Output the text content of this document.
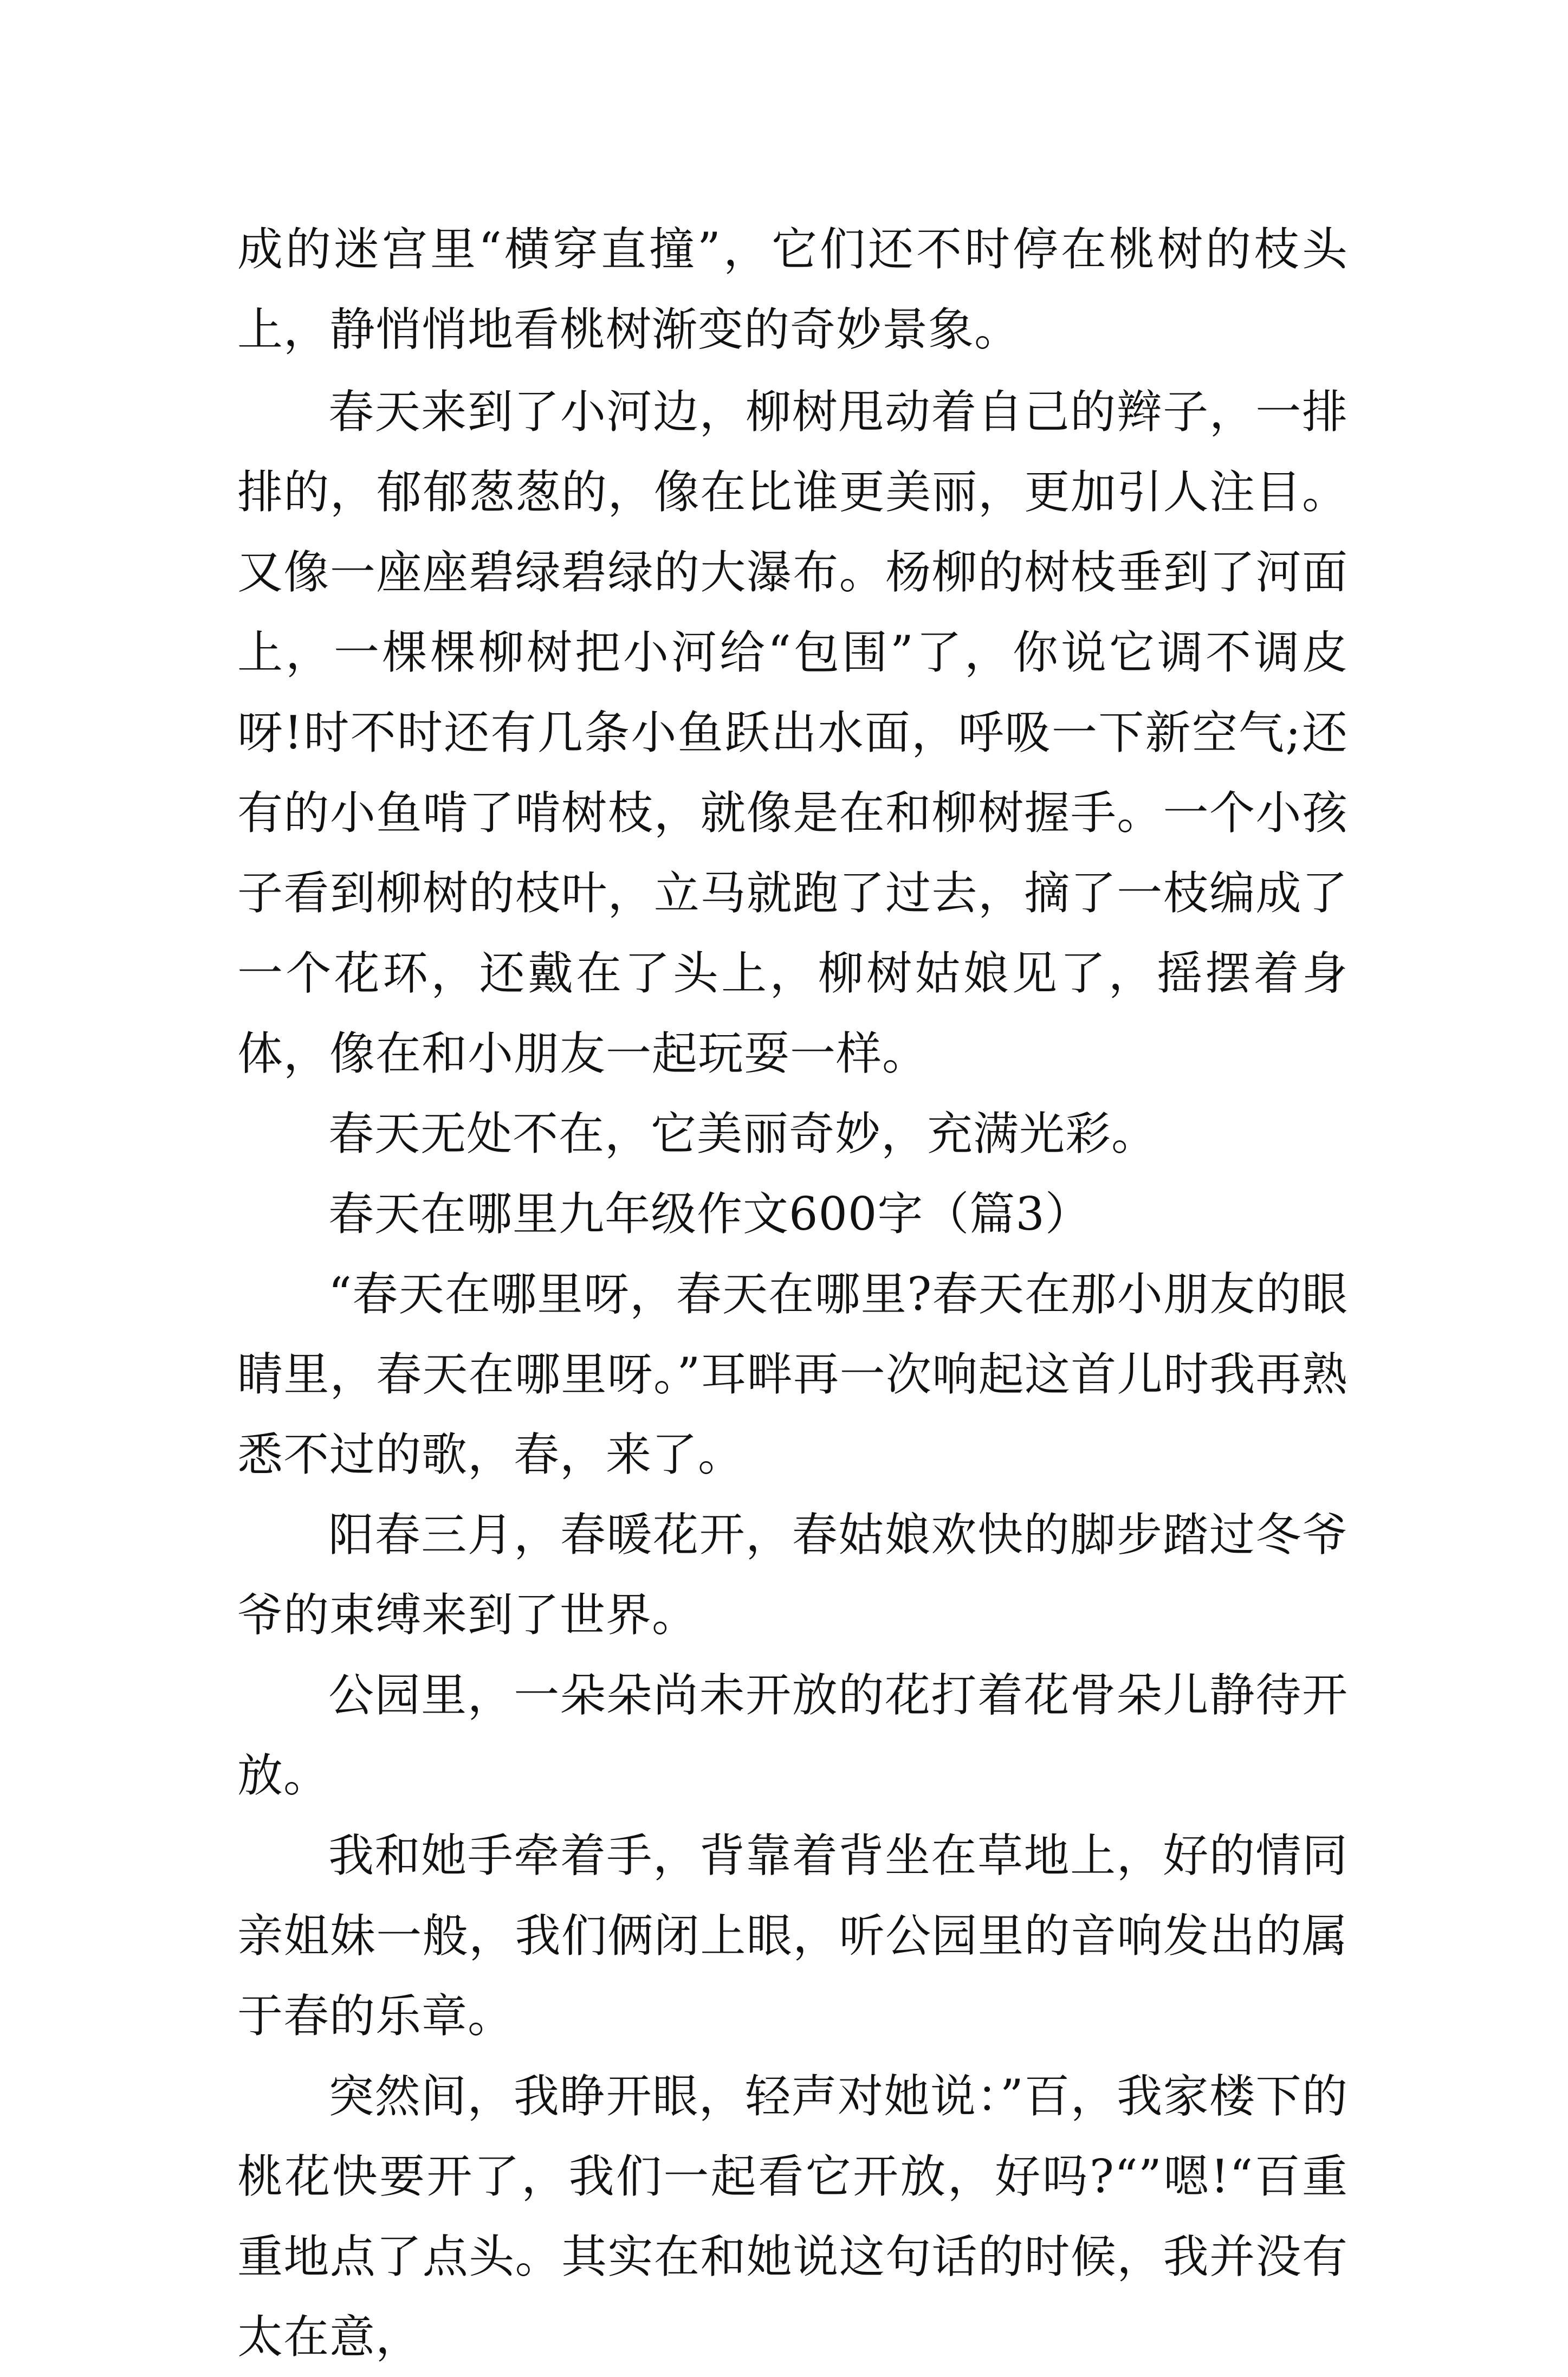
成的迷宫里“横穿直撞”，它们还不时停在桃树的枝头上，静悄悄地看桃树渐变的奇妙景象。

春天来到了小河边，柳树甩动着自己的辫子，一排排的，郁郁葱葱的，像在比谁更美丽，更加引人注目。又像一座座碧绿碧绿的大瀑布。杨柳的树枝垂到了河面上，一棵棵柳树把小河给“包围”了，你说它调不调皮呀!时不时还有几条小鱼跃出水面，呼吸一下新空气;还有的小鱼啃了啃树枝，就像是在和柳树握手。一个小孩子看到柳树的枝叶，立马就跑了过去，摘了一枝编成了一个花环，还戴在了头上，柳树姑娘见了，摇摆着身体，像在和小朋友一起玩耍一样。

春天无处不在，它美丽奇妙，充满光彩。

春天在哪里九年级作文600字（篇3）

“春天在哪里呀，春天在哪里?春天在那小朋友的眼睛里，春天在哪里呀。”耳畔再一次响起这首儿时我再熟悉不过的歌，春，来了。

阳春三月，春暖花开，春姑娘欢快的脚步踏过冬爷爷的束缚来到了世界。

公园里，一朵朵尚未开放的花打着花骨朵儿静待开放。

我和她手牵着手，背靠着背坐在草地上，好的情同亲姐妹一般，我们俩闭上眼，听公园里的音响发出的属于春的乐章。

突然间，我睁开眼，轻声对她说：”百，我家楼下的桃花快要开了，我们一起看它开放，好吗?“”嗯!“百重重地点了点头。其实在和她说这句话的时候，我并没有太在意，
